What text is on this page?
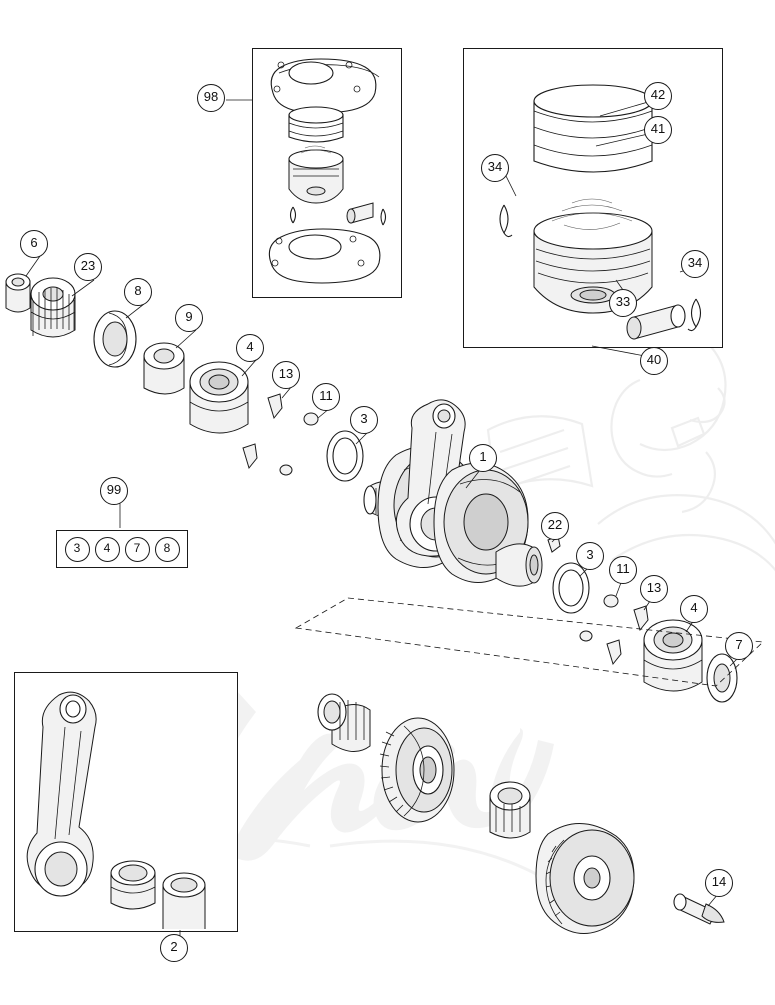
3	4	7	8
98	42
41
34
34
33
40
6
23
8
9
4
13
11
3
1
22
3
11
13
4
7
99
14
2
